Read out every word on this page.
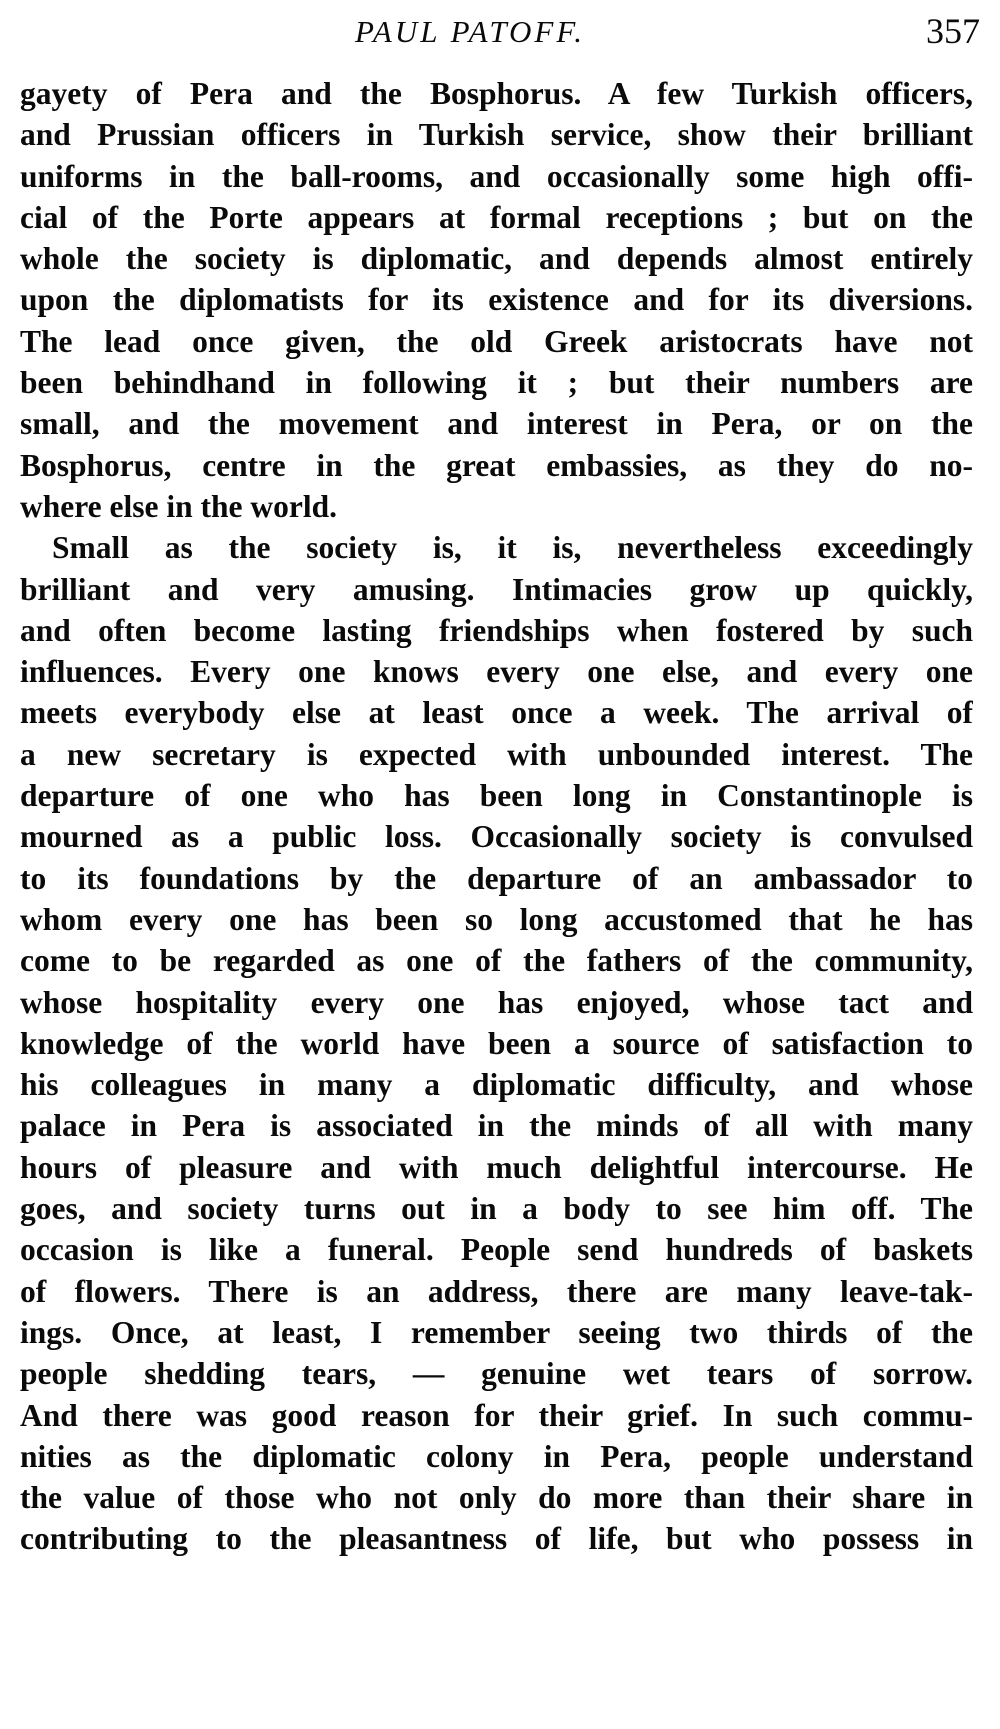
PAUL PATOFF.	357
gayety of Pera and the Bosphorus. A few Turkish officers,
and Prussian officers in Turkish service, show their brilliant
uniforms in the ball-rooms, and occasionally some high offi-
cial of the Porte appears at formal receptions ; but on the
whole the society is diplomatic, and depends almost entirely
upon the diplomatists for its existence and for its diversions.
The lead once given, the old Greek aristocrats have not
been behindhand in following it ; but their numbers are
small, and the movement and interest in Pera, or on the
Bosphorus, centre in the great embassies, as they do no-
where else in the world.
Small as the society is, it is, nevertheless exceedingly
brilliant and very amusing. Intimacies grow up quickly,
and often become lasting friendships when fostered by such
influences. Every one knows every one else, and every one
meets everybody else at least once a week. The arrival of
a new secretary is expected with unbounded interest. The
departure of one who has been long in Constantinople is
mourned as a public loss. Occasionally society is convulsed
to its foundations by the departure of an ambassador to
whom every one has been so long accustomed that he has
come to be regarded as one of the fathers of the community,
whose hospitality every one has enjoyed, whose tact and
knowledge of the world have been a source of satisfaction to
his colleagues in many a diplomatic difficulty, and whose
palace in Pera is associated in the minds of all with many
hours of pleasure and with much delightful intercourse. He
goes, and society turns out in a body to see him off. The
occasion is like a funeral. People send hundreds of baskets
of flowers. There is an address, there are many leave-tak-
ings. Once, at least, I remember seeing two thirds of the
people shedding tears, — genuine wet tears of sorrow.
And there was good reason for their grief. In such commu-
nities as the diplomatic colony in Pera, people understand
the value of those who not only do more than their share in
contributing to the pleasantness of life, but who possess in
